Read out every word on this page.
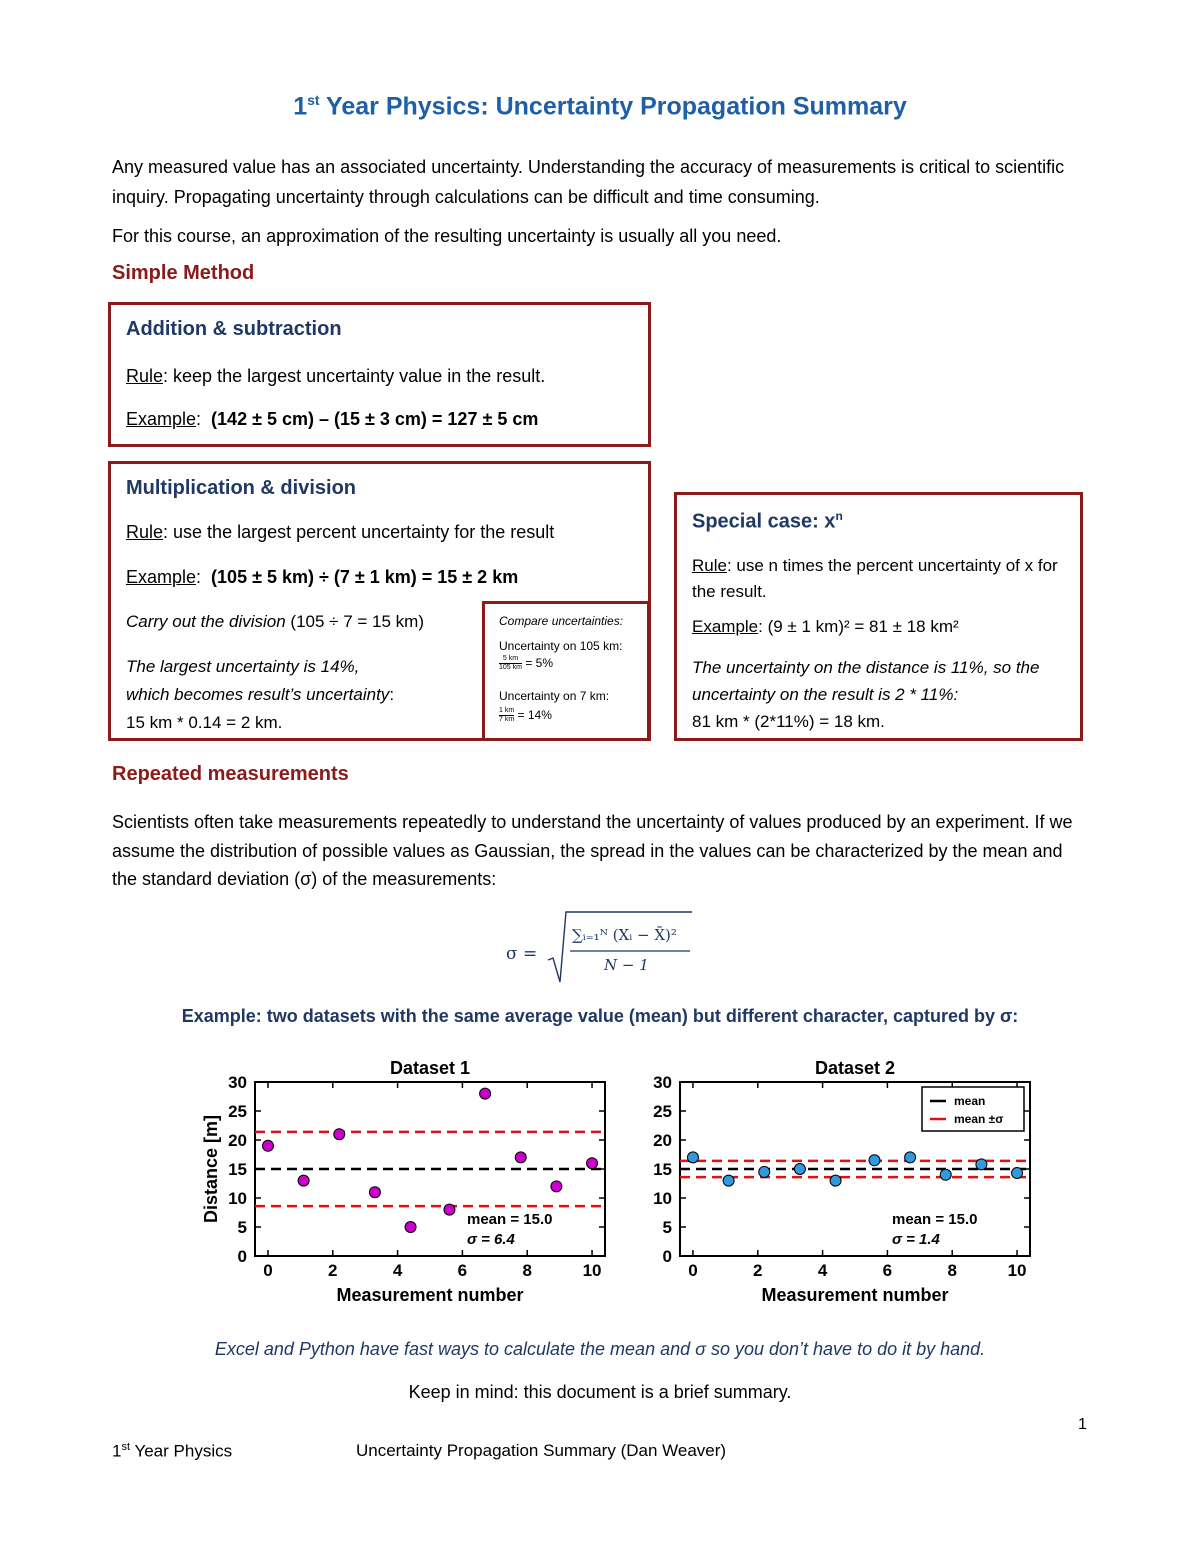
1st Year Physics: Uncertainty Propagation Summary
Any measured value has an associated uncertainty. Understanding the accuracy of measurements is critical to scientific inquiry. Propagating uncertainty through calculations can be difficult and time consuming.
For this course, an approximation of the resulting uncertainty is usually all you need.
Simple Method
Addition & subtraction
Rule: keep the largest uncertainty value in the result.
Example:  (142 ± 5 cm) – (15 ± 3 cm) = 127 ± 5 cm
Multiplication & division
Rule: use the largest percent uncertainty for the result
Example:  (105 ± 5 km) ÷ (7 ± 1 km) = 15 ± 2 km
Carry out the division (105 ÷ 7 = 15 km)
The largest uncertainty is 14%,
which becomes result’s uncertainty:
15 km * 0.14 = 2 km.
Compare uncertainties:
Uncertainty on 105 km:
$\frac{5 km}{105 km} = 5\%$
Uncertainty on 7 km:
$\frac{1 km}{7 km} = 14\%$
Special case: $x^n$
Rule: use n times the percent uncertainty of x for the result.
Example: (9 ± 1 km)² = 81 ± 18 km²
The uncertainty on the distance is 11%, so the uncertainty on the result is 2 * 11%:
81 km * (2*11%) = 18 km.
Repeated measurements
Scientists often take measurements repeatedly to understand the uncertainty of values produced by an experiment. If we assume the distribution of possible values as Gaussian, the spread in the values can be characterized by the mean and the standard deviation (σ) of the measurements:
σ =
∑ᵢ₌₁ᴺ (Xᵢ − X̄)²
N − 1
Example: two datasets with the same average value (mean) but different character, captured by σ:
Dataset 1
0
5
10
15
20
25
30
0	2	4	6	8	10
Measurement number
Distance [m]	mean = 15.0
σ = 6.4
Dataset 2
0
5
10
15
20
25
30
0	2	4	6	8	10
Measurement number
mean = 15.0
σ = 1.4
mean
mean ±σ
Excel and Python have fast ways to calculate the mean and σ so you don’t have to do it by hand.
Keep in mind: this document is a brief summary.
1
1st Year Physics	Uncertainty Propagation Summary (Dan Weaver)
